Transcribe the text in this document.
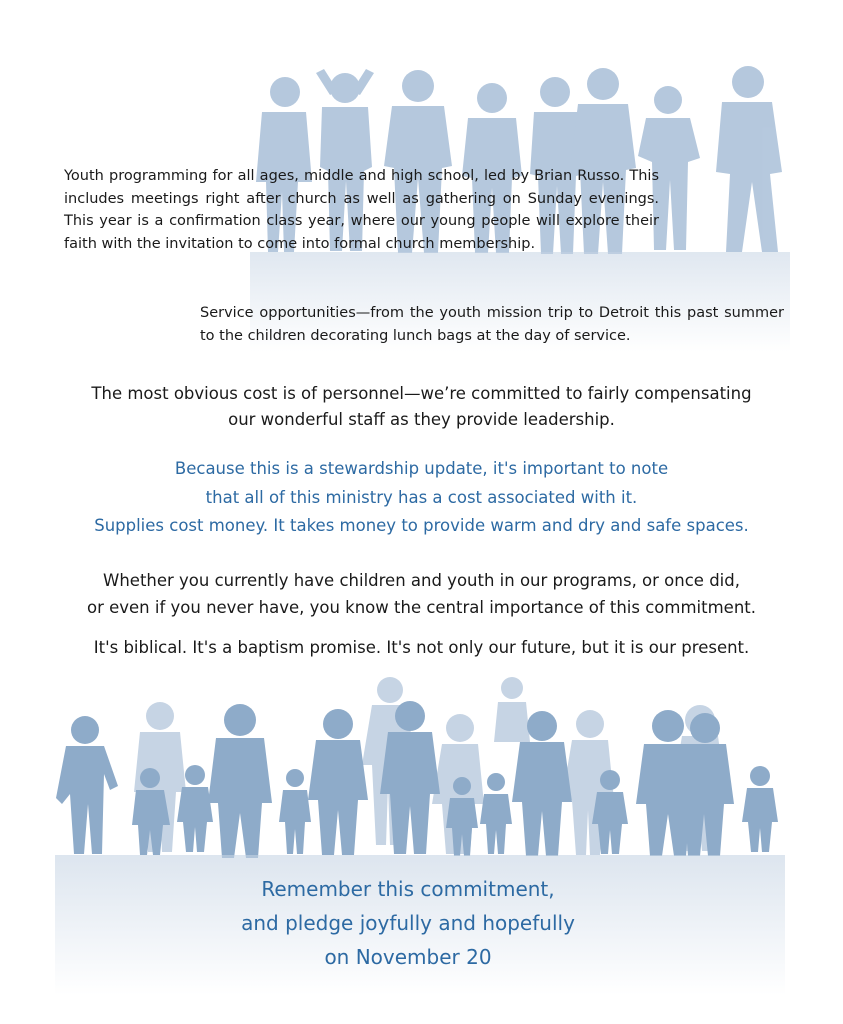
Youth programming for all ages, middle and high school, led by Brian Russo. This includes meetings right after church as well as gathering on Sunday evenings. This year is a confirmation class year, where our young people will explore their faith with the invitation to come into formal church membership.

Service opportunities—from the youth mission trip to Detroit this past summer to the children decorating lunch bags at the day of service.

The most obvious cost is of personnel—we’re committed to fairly compensating
our wonderful staff as they provide leadership.

Because this is a stewardship update, it's important to note
that all of this ministry has a cost associated with it.
Supplies cost money. It takes money to provide warm and dry and safe spaces.

Whether you currently have children and youth in our programs, or once did,
or even if you never have, you know the central importance of this commitment.

It's biblical. It's a baptism promise. It's not only our future, but it is our present.

Remember this commitment,
and pledge joyfully and hopefully
on November 20
